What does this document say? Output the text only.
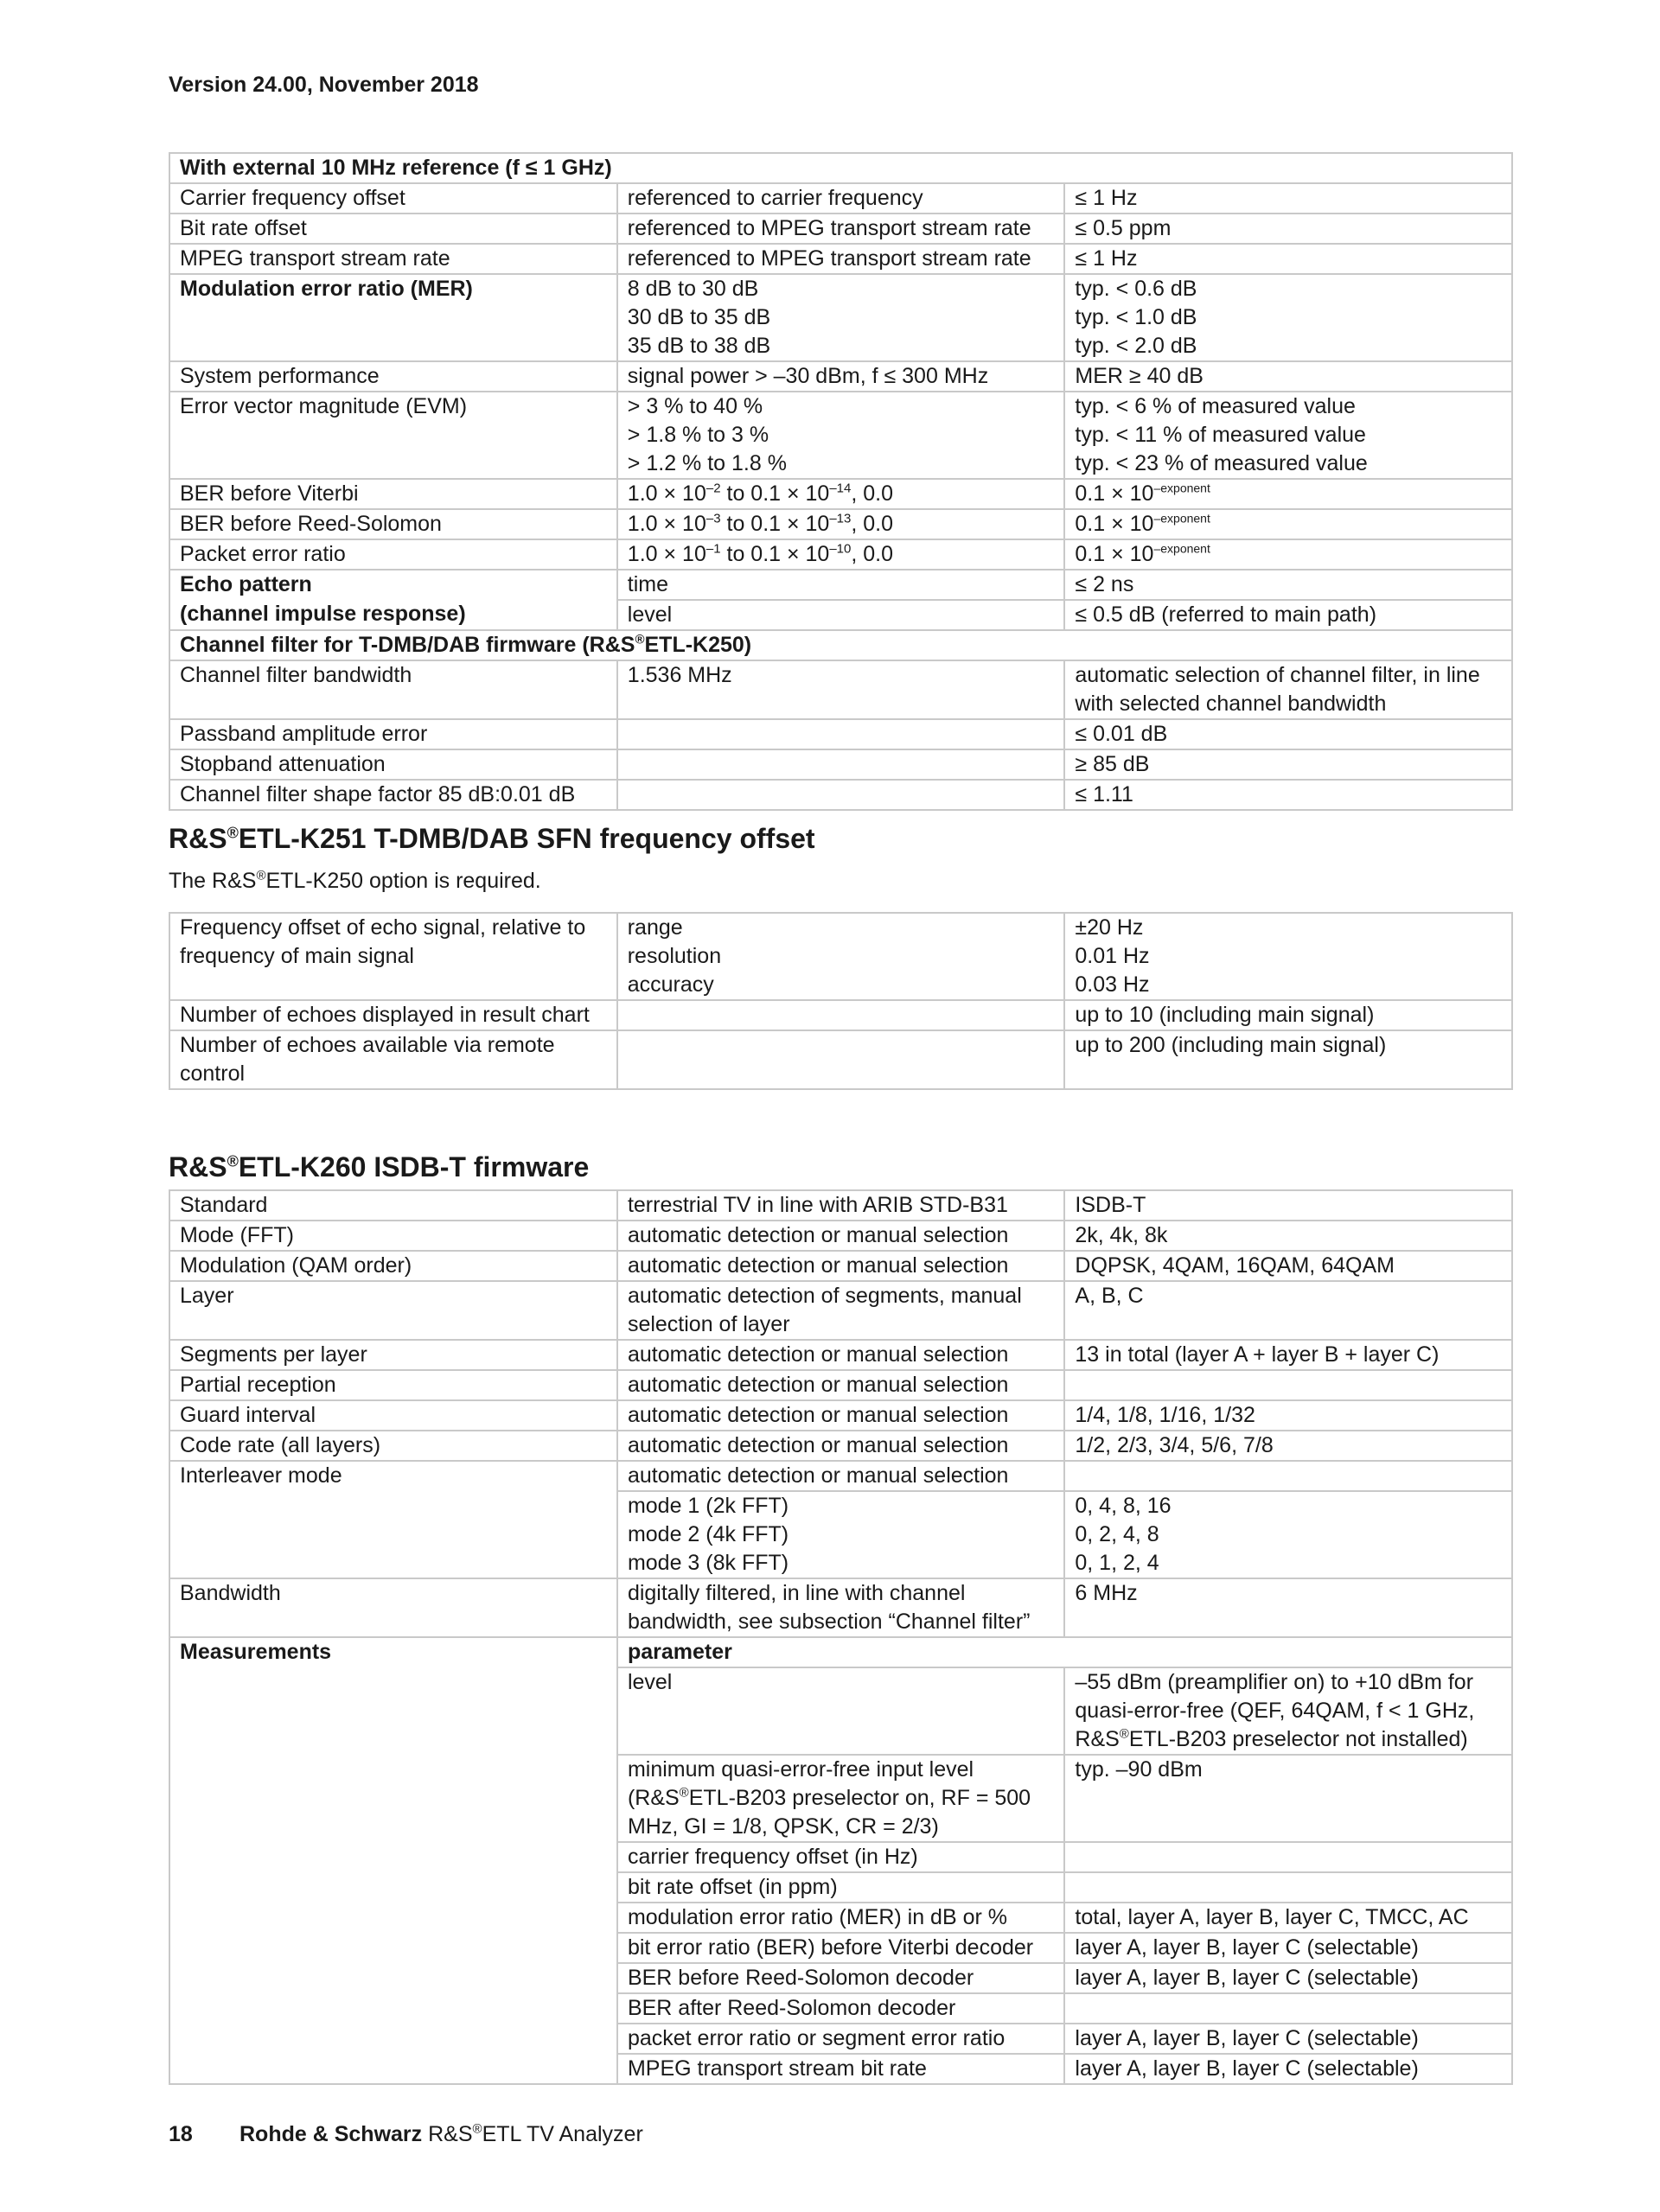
Version 24.00, November 2018
With external 10 MHz reference (f ≤ 1 GHz)		
Carrier frequency offset	referenced to carrier frequency	≤ 1 Hz
Bit rate offset	referenced to MPEG transport stream rate	≤ 0.5 ppm
MPEG transport stream rate	referenced to MPEG transport stream rate	≤ 1 Hz
Modulation error ratio (MER)	8 dB to 30 dB	typ. < 0.6 dB
	30 dB to 35 dB	typ. < 1.0 dB
	35 dB to 38 dB	typ. < 2.0 dB
System performance	signal power > –30 dBm, f ≤ 300 MHz	MER ≥ 40 dB
Error vector magnitude (EVM)	> 3 % to 40 %	typ. < 6 % of measured value
	> 1.8 % to 3 %	typ. < 11 % of measured value
	> 1.2 % to 1.8 %	typ. < 23 % of measured value
BER before Viterbi	$1.0 \times 10^{-2}$ to $0.1 \times 10^{-14}$, 0.0	$0.1 \times 10^{-exponent}$
BER before Reed-Solomon	$1.0 \times 10^{-3}$ to $0.1 \times 10^{-13}$, 0.0	$0.1 \times 10^{-exponent}$
Packet error ratio	$1.0 \times 10^{-1}$ to $0.1 \times 10^{-10}$, 0.0	$0.1 \times 10^{-exponent}$
Echo pattern	time	≤ 2 ns
(channel impulse response)	level	≤ 0.5 dB (referred to main path)
Channel filter for T-DMB/DAB firmware (R&S®ETL-K250)		
Channel filter bandwidth	1.536 MHz	automatic selection of channel filter, in line with selected channel bandwidth
Passband amplitude error		≤ 0.01 dB
Stopband attenuation		≥ 85 dB
Channel filter shape factor 85 dB:0.01 dB		≤ 1.11
R&S®ETL-K251 T-DMB/DAB SFN frequency offset
The R&S®ETL-K250 option is required.
Frequency offset of echo signal, relative to frequency of main signal	range	±20 Hz
	resolution	0.01 Hz
	accuracy	0.03 Hz
Number of echoes displayed in result chart		up to 10 (including main signal)
Number of echoes available via remote control		up to 200 (including main signal)
R&S®ETL-K260 ISDB-T firmware
Standard	terrestrial TV in line with ARIB STD-B31	ISDB-T
Mode (FFT)	automatic detection or manual selection	2k, 4k, 8k
Modulation (QAM order)	automatic detection or manual selection	DQPSK, 4QAM, 16QAM, 64QAM
Layer	automatic detection of segments, manual selection of layer	A, B, C
Segments per layer	automatic detection or manual selection	13 in total (layer A + layer B + layer C)
Partial reception	automatic detection or manual selection	
Guard interval	automatic detection or manual selection	1/4, 1/8, 1/16, 1/32
Code rate (all layers)	automatic detection or manual selection	1/2, 2/3, 3/4, 5/6, 7/8
Interleaver mode	automatic detection or manual selection	
	mode 1 (2k FFT)	0, 4, 8, 16
	mode 2 (4k FFT)	0, 2, 4, 8
	mode 3 (8k FFT)	0, 1, 2, 4
Bandwidth	digitally filtered, in line with channel bandwidth, see subsection “Channel filter”	6 MHz
Measurements	parameter	
	level	–55 dBm (preamplifier on) to +10 dBm for quasi-error-free (QEF, 64QAM, f < 1 GHz, R&S®ETL-B203 preselector not installed)
	minimum quasi-error-free input level (R&S®ETL-B203 preselector on, RF = 500 MHz, GI = 1/8, QPSK, CR = 2/3)	typ. –90 dBm
	carrier frequency offset (in Hz)	
	bit rate offset (in ppm)	
	modulation error ratio (MER) in dB or %	total, layer A, layer B, layer C, TMCC, AC
	bit error ratio (BER) before Viterbi decoder	layer A, layer B, layer C (selectable)
	BER before Reed-Solomon decoder	layer A, layer B, layer C (selectable)
	BER after Reed-Solomon decoder	
	packet error ratio or segment error ratio	layer A, layer B, layer C (selectable)
	MPEG transport stream bit rate	layer A, layer B, layer C (selectable)
18 Rohde & Schwarz R&S®ETL TV Analyzer
